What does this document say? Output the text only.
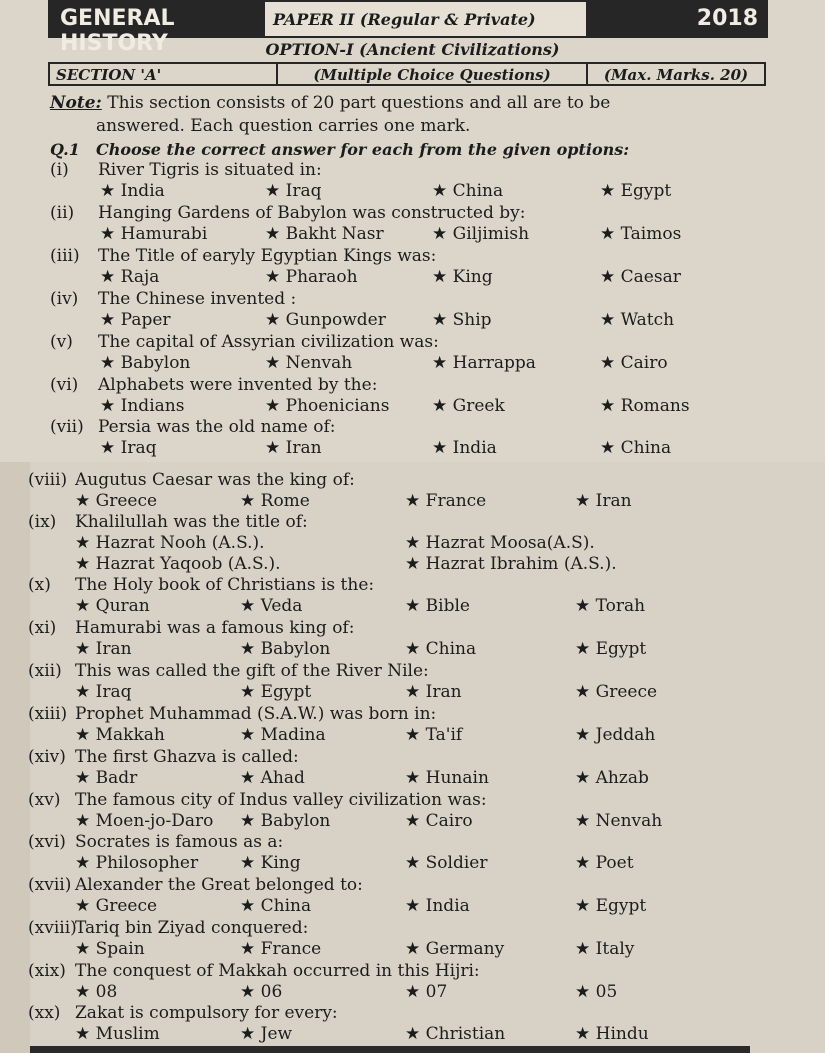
GENERAL HISTORY
PAPER II (Regular & Private)	2018
OPTION-I (Ancient Civilizations)
SECTION 'A'	(Multiple Choice Questions)	(Max. Marks. 20)
Note: This section consists of 20 part questions and all are to be
answered. Each question carries one mark.
Q.1 Choose the correct answer for each from the given options:
(i) River Tigris is situated in:
★ India	★ Iraq	★ China	★ Egypt
(ii) Hanging Gardens of Babylon was constructed by:
★ Hamurabi	★ Bakht Nasr	★ Giljimish	★ Taimos
(iii) The Title of earyly Egyptian Kings was:
★ Raja	★ Pharaoh	★ King	★ Caesar
(iv) The Chinese invented :
★ Paper	★ Gunpowder	★ Ship	★ Watch
(v) The capital of Assyrian civilization was:
★ Babylon	★ Nenvah	★ Harrappa	★ Cairo
(vi) Alphabets were invented by the:
★ Indians	★ Phoenicians	★ Greek	★ Romans
(vii) Persia was the old name of:
★ Iraq	★ Iran	★ India	★ China
(viii) Augutus Caesar was the king of:
★ Greece	★ Rome	★ France	★ Iran
(ix) Khalilullah was the title of:
★ Hazrat Nooh (A.S.).	★ Hazrat Moosa(A.S).
★ Hazrat Yaqoob (A.S.).	★ Hazrat Ibrahim (A.S.).
(x) The Holy book of Christians is the:
★ Quran	★ Veda	★ Bible	★ Torah
(xi) Hamurabi was a famous king of:
★ Iran	★ Babylon	★ China	★ Egypt
(xii) This was called the gift of the River Nile:
★ Iraq	★ Egypt	★ Iran	★ Greece
(xiii) Prophet Muhammad (S.A.W.) was born in:
★ Makkah	★ Madina	★ Ta'if	★ Jeddah
(xiv) The first Ghazva is called:
★ Badr	★ Ahad	★ Hunain	★ Ahzab
(xv) The famous city of Indus valley civilization was:
★ Moen-jo-Daro ★ Babylon	★ Cairo	★ Nenvah
(xvi) Socrates is famous as a:
★ Philosopher ★ King	★ Soldier	★ Poet
(xvii) Alexander the Great belonged to:
★ Greece	★ China	★ India	★ Egypt
(xviii)
Tariq bin Ziyad conquered:
★ Spain	★ France	★ Germany	★ Italy
(xix) The conquest of Makkah occurred in this Hijri:
★ 08	★ 06	★ 07	★ 05
(xx) Zakat is compulsory for every:
★ Muslim	★ Jew	★ Christian	★ Hindu
